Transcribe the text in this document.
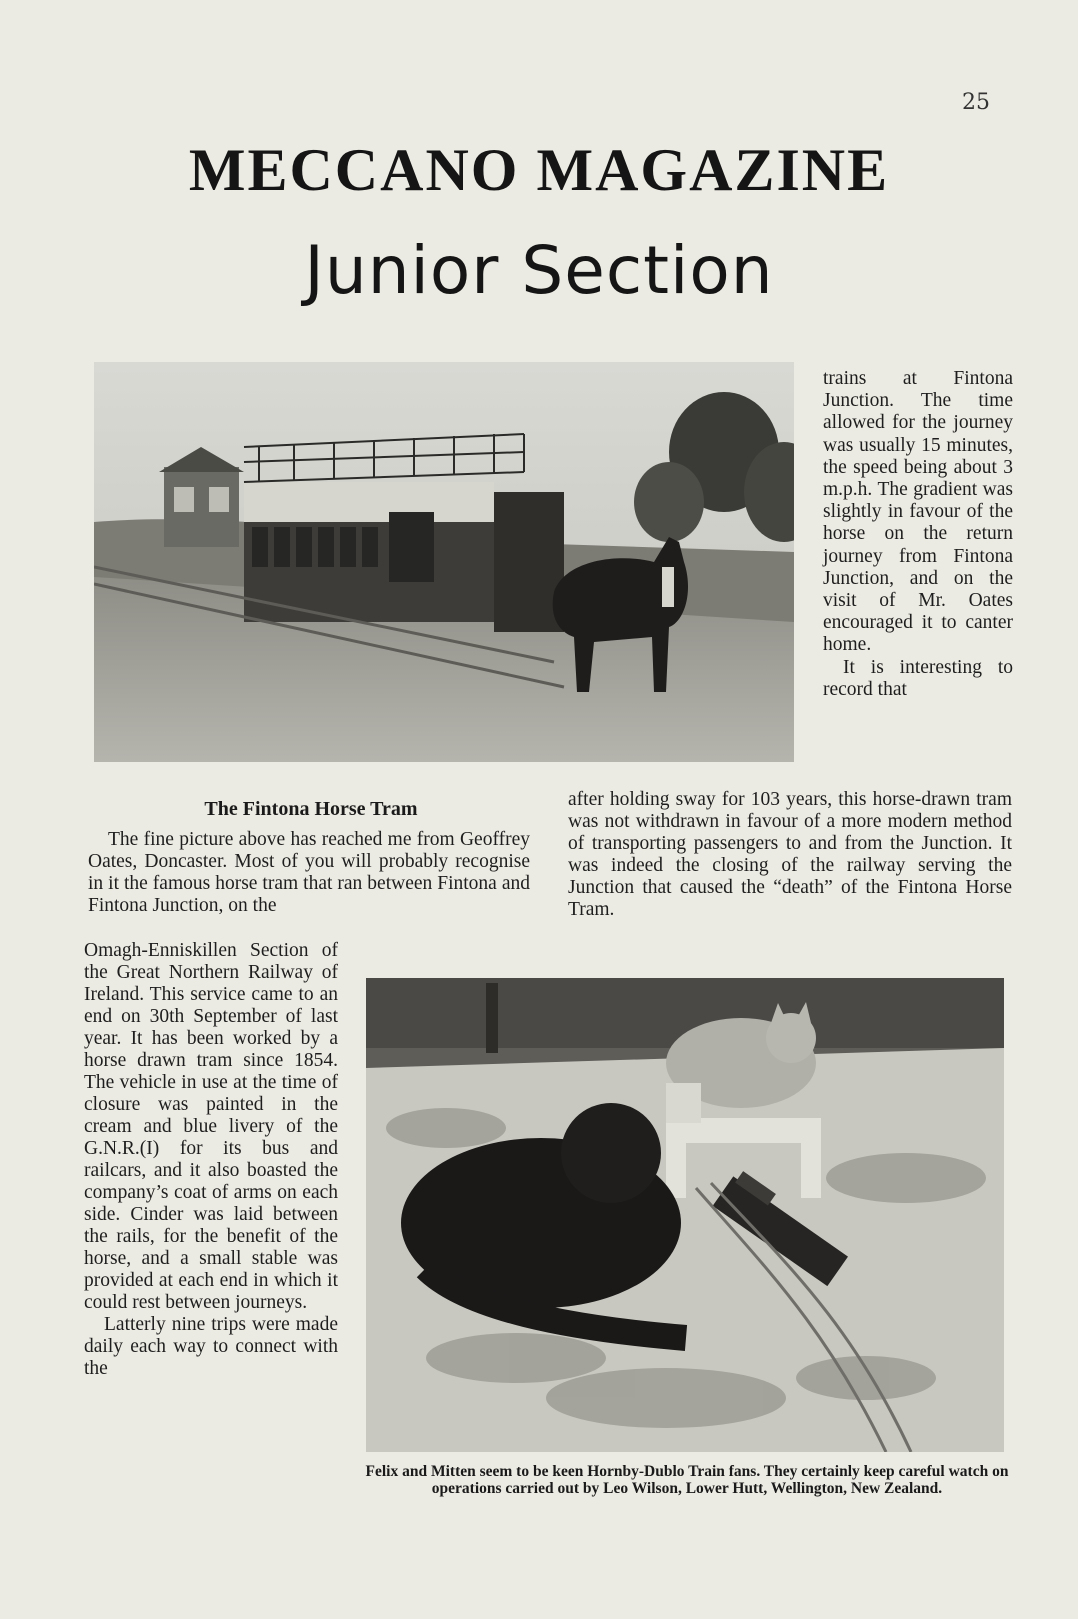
25
MECCANO MAGAZINE
Junior Section

trains at Fintona Junction. The time allowed for the journey was usually 15 minutes, the speed being about 3 m.p.h. The gradient was slightly in favour of the horse on the return journey from Fintona Junction, and on the visit of Mr. Oates encouraged it to canter home.

It is interesting to record that

The Fintona Horse Tram	after holding sway for 103 years, this horse-drawn tram was not withdrawn in favour of a more modern method of transporting passengers to and from the Junction. It was indeed the closing of the railway serving the Junction that caused the “death” of the Fintona Horse Tram.

The fine picture above has reached me from Geoffrey Oates, Doncaster. Most of you will probably recognise in it the famous horse tram that ran between Fintona and Fintona Junction, on the

Omagh-Enniskillen Section of the Great Northern Railway of Ireland. This service came to an end on 30th September of last year. It has been worked by a horse drawn tram since 1854. The vehicle in use at the time of closure was painted in the cream and blue livery of the G.N.R.(I) for its bus and railcars, and it also boasted the company’s coat of arms on each side. Cinder was laid between the rails, for the benefit of the horse, and a small stable was provided at each end in which it could rest between journeys.

Latterly nine trips were made daily each way to connect with the

Felix and Mitten seem to be keen Hornby-Dublo Train fans. They certainly keep careful watch on operations carried out by Leo Wilson, Lower Hutt, Wellington, New Zealand.
